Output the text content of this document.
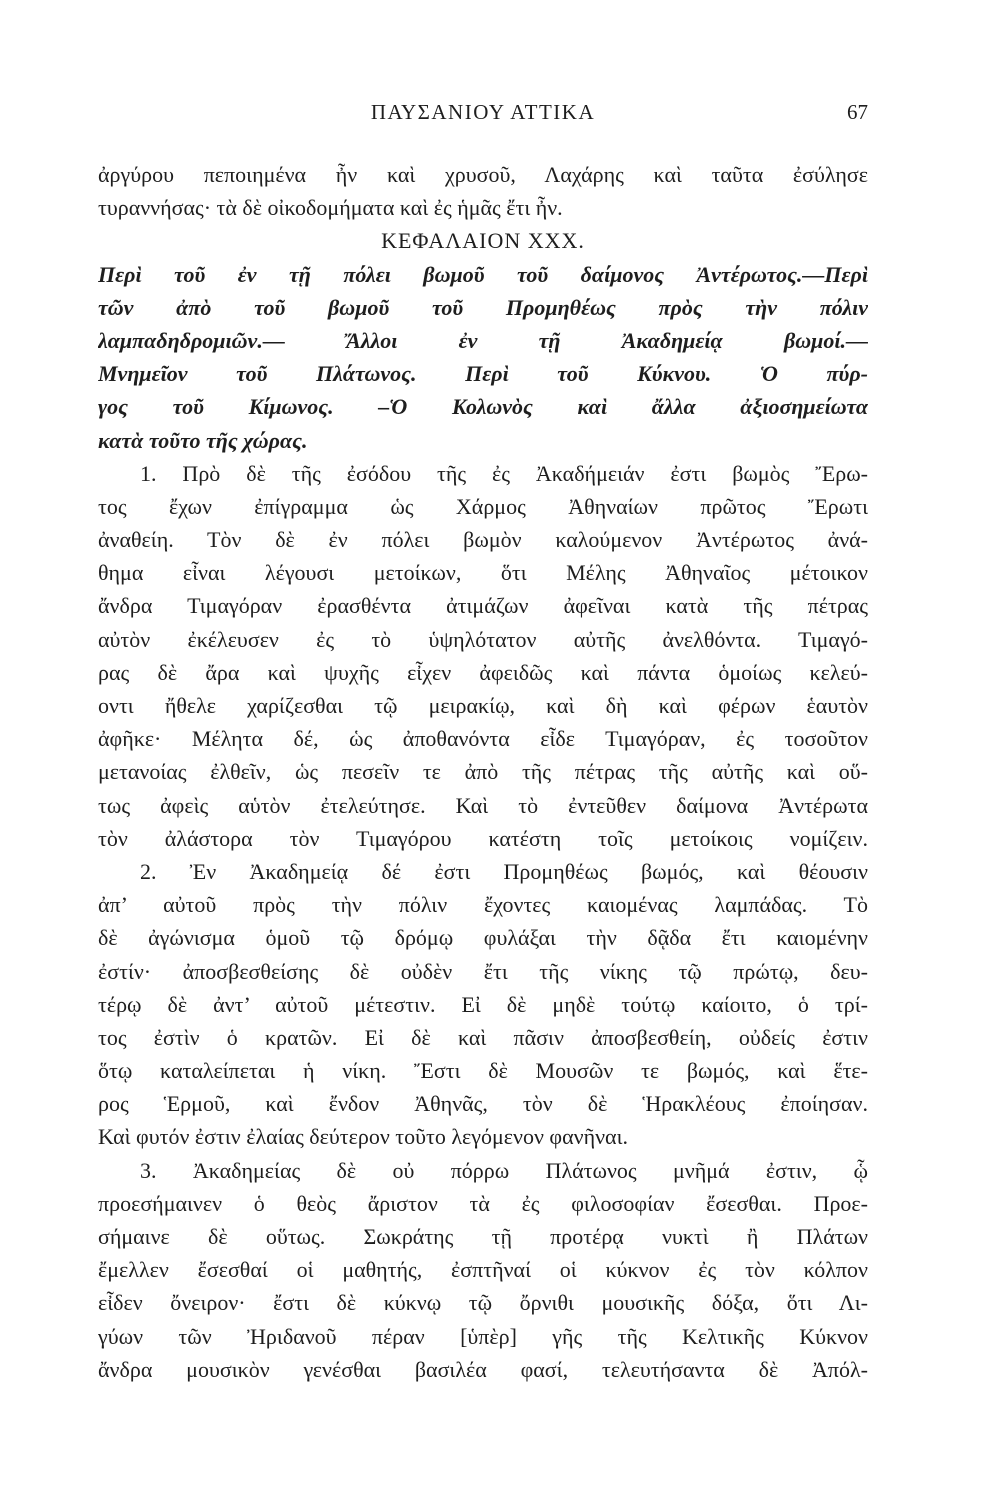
ΠΑΥΣΑΝΙΟΥ ΑΤΤΙΚΑ	67
ἀργύρου πεποιημένα ἦν καὶ χρυσοῦ, Λαχάρης καὶ ταῦτα ἐσύλησε
τυραννήσας· τὰ δὲ οἰκοδομήματα καὶ ἐς ἡμᾶς ἔτι ἦν.
ΚΕΦΑΛΑΙΟΝ XXX.
Περὶ τοῦ ἐν τῇ πόλει βωμοῦ τοῦ δαίμονος Ἀντέρωτος.—Περὶ
τῶν ἀπὸ τοῦ βωμοῦ τοῦ Προμηθέως πρὸς τὴν πόλιν
λαμπαδηδρομιῶν.— Ἄλλοι ἐν τῇ Ἀκαδημείᾳ βωμοί.—
Μνημεῖον τοῦ Πλάτωνος. Περὶ τοῦ Κύκνου. Ὁ πύρ-
γος τοῦ Κίμωνος. –Ὁ Κολωνὸς καὶ ἄλλα ἀξιοσημείωτα
κατὰ τοῦτο τῆς χώρας.
1. Πρὸ δὲ τῆς ἐσόδου τῆς ἐς Ἀκαδήμειάν ἐστι βωμὸς Ἔρω-
τος ἔχων ἐπίγραμμα ὡς Χάρμος Ἀθηναίων πρῶτος Ἔρωτι
ἀναθείη. Τὸν δὲ ἐν πόλει βωμὸν καλούμενον Ἀντέρωτος ἀνά-
θημα εἶναι λέγουσι μετοίκων, ὅτι Μέλης Ἀθηναῖος μέτοικον
ἄνδρα Τιμαγόραν ἐρασθέντα ἀτιμάζων ἀφεῖναι κατὰ τῆς πέτρας
αὐτὸν ἐκέλευσεν ἐς τὸ ὑψηλότατον αὐτῆς ἀνελθόντα. Τιμαγό-
ρας δὲ ἄρα καὶ ψυχῆς εἶχεν ἀφειδῶς καὶ πάντα ὁμοίως κελεύ-
οντι ἤθελε χαρίζεσθαι τῷ μειρακίῳ, καὶ δὴ καὶ φέρων ἑαυτὸν
ἀφῆκε· Μέλητα δέ, ὡς ἀποθανόντα εἶδε Τιμαγόραν, ἐς τοσοῦτον
μετανοίας ἐλθεῖν, ὡς πεσεῖν τε ἀπὸ τῆς πέτρας τῆς αὐτῆς καὶ οὕ-
τως ἀφεὶς αὑτὸν ἐτελεύτησε. Καὶ τὸ ἐντεῦθεν δαίμονα Ἀντέρωτα
τὸν ἀλάστορα τὸν Τιμαγόρου κατέστη τοῖς μετοίκοις νομίζειν.
2. Ἐν Ἀκαδημείᾳ δέ ἐστι Προμηθέως βωμός, καὶ θέουσιν
ἀπ’ αὐτοῦ πρὸς τὴν πόλιν ἔχοντες καιομένας λαμπάδας. Τὸ
δὲ ἀγώνισμα ὁμοῦ τῷ δρόμῳ φυλάξαι τὴν δᾷδα ἔτι καιομένην
ἐστίν· ἀποσβεσθείσης δὲ οὐδὲν ἔτι τῆς νίκης τῷ πρώτῳ, δευ-
τέρῳ δὲ ἀντ’ αὐτοῦ μέτεστιν. Εἰ δὲ μηδὲ τούτῳ καίοιτο, ὁ τρί-
τος ἐστὶν ὁ κρατῶν. Εἰ δὲ καὶ πᾶσιν ἀποσβεσθείη, οὐδείς ἐστιν
ὅτῳ καταλείπεται ἡ νίκη. Ἔστι δὲ Μουσῶν τε βωμός, καὶ ἕτε-
ρος Ἑρμοῦ, καὶ ἔνδον Ἀθηνᾶς, τὸν δὲ Ἡρακλέους ἐποίησαν.
Καὶ φυτόν ἐστιν ἐλαίας δεύτερον τοῦτο λεγόμενον φανῆναι.
3. Ἀκαδημείας δὲ οὐ πόρρω Πλάτωνος μνῆμά ἐστιν, ᾧ
προεσήμαινεν ὁ θεὸς ἄριστον τὰ ἐς φιλοσοφίαν ἔσεσθαι. Προε-
σήμαινε δὲ οὕτως. Σωκράτης τῇ προτέρᾳ νυκτὶ ἢ Πλάτων
ἔμελλεν ἔσεσθαί οἱ μαθητής, ἐσπτῆναί οἱ κύκνον ἐς τὸν κόλπον
εἶδεν ὄνειρον· ἔστι δὲ κύκνῳ τῷ ὄρνιθι μουσικῆς δόξα, ὅτι Λι-
γύων τῶν Ἠριδανοῦ πέραν [ὑπὲρ] γῆς τῆς Κελτικῆς Κύκνον
ἄνδρα μουσικὸν γενέσθαι βασιλέα φασί, τελευτήσαντα δὲ Ἀπόλ-
